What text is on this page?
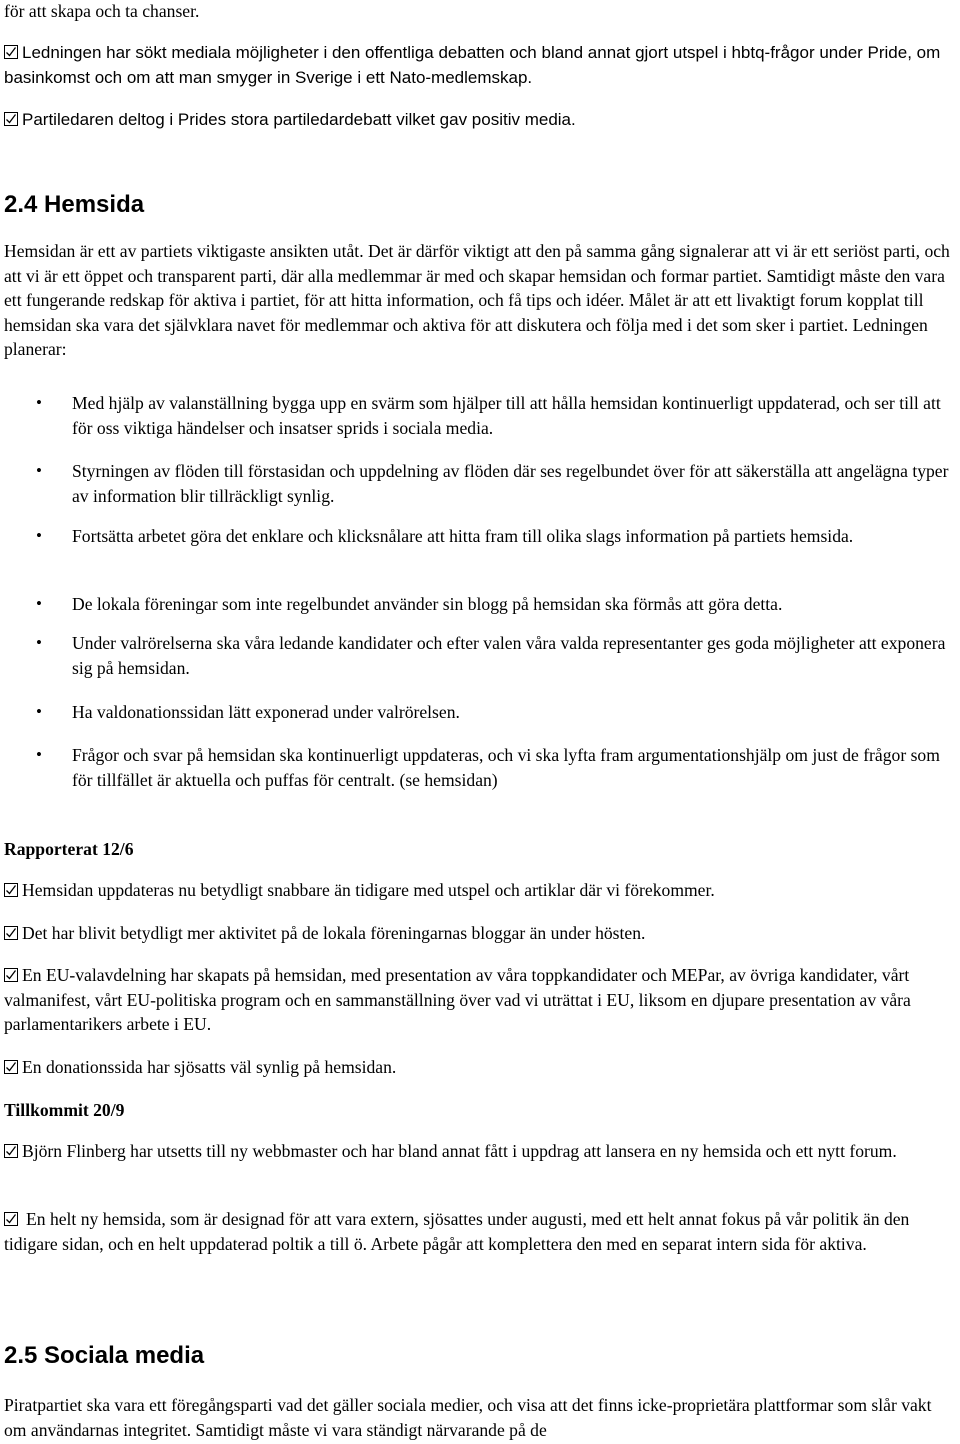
för att skapa och ta chanser.

Ledningen har sökt mediala möjligheter i den offentliga debatten och bland annat gjort utspel i hbtq-frågor under Pride, om basinkomst och om att man smyger in Sverige i ett Nato-medlemskap.

Partiledaren deltog i Prides stora partiledardebatt vilket gav positiv media.

2.4 Hemsida

Hemsidan är ett av partiets viktigaste ansikten utåt. Det är därför viktigt att den på samma gång signalerar att vi är ett seriöst parti, och att vi är ett öppet och transparent parti, där alla medlemmar är med och skapar hemsidan och formar partiet. Samtidigt måste den vara ett fungerande redskap för aktiva i partiet, för att hitta information, och få tips och idéer. Målet är att ett livaktigt forum kopplat till hemsidan ska vara det självklara navet för medlemmar och aktiva för att diskutera och följa med i det som sker i partiet. Ledningen planerar:

• Med hjälp av valanställning bygga upp en svärm som hjälper till att hålla hemsidan kontinuerligt uppdaterad, och ser till att för oss viktiga händelser och insatser sprids i sociala media.
• Styrningen av flöden till förstasidan och uppdelning av flöden där ses regelbundet över för att säkerställa att angelägna typer av information blir tillräckligt synlig.
• Fortsätta arbetet göra det enklare och klicksnålare att hitta fram till olika slags information på partiets hemsida.
• De lokala föreningar som inte regelbundet använder sin blogg på hemsidan ska förmås att göra detta.
• Under valrörelserna ska våra ledande kandidater och efter valen våra valda representanter ges goda möjligheter att exponera sig på hemsidan.
• Ha valdonationssidan lätt exponerad under valrörelsen.
• Frågor och svar på hemsidan ska kontinuerligt uppdateras, och vi ska lyfta fram argumentationshjälp om just de frågor som för tillfället är aktuella och puffas för centralt. (se hemsidan)

Rapporterat 12/6

Hemsidan uppdateras nu betydligt snabbare än tidigare med utspel och artiklar där vi förekommer.

Det har blivit betydligt mer aktivitet på de lokala föreningarnas bloggar än under hösten.

En EU-valavdelning har skapats på hemsidan, med presentation av våra toppkandidater och MEPar, av övriga kandidater, vårt valmanifest, vårt EU-politiska program och en sammanställning över vad vi uträttat i EU, liksom en djupare presentation av våra parlamentarikers arbete i EU.

En donationssida har sjösatts väl synlig på hemsidan.

Tillkommit 20/9

Björn Flinberg har utsetts till ny webbmaster och har bland annat fått i uppdrag att lansera en ny hemsida och ett nytt forum.

En helt ny hemsida, som är designad för att vara extern, sjösattes under augusti, med ett helt annat fokus på vår politik än den tidigare sidan, och en helt uppdaterad poltik a till ö. Arbete pågår att komplettera den med en separat intern sida för aktiva.

2.5 Sociala media

Piratpartiet ska vara ett föregångsparti vad det gäller sociala medier, och visa att det finns icke-proprietära plattformar som slår vakt om användarnas integritet. Samtidigt måste vi vara ständigt närvarande på de
